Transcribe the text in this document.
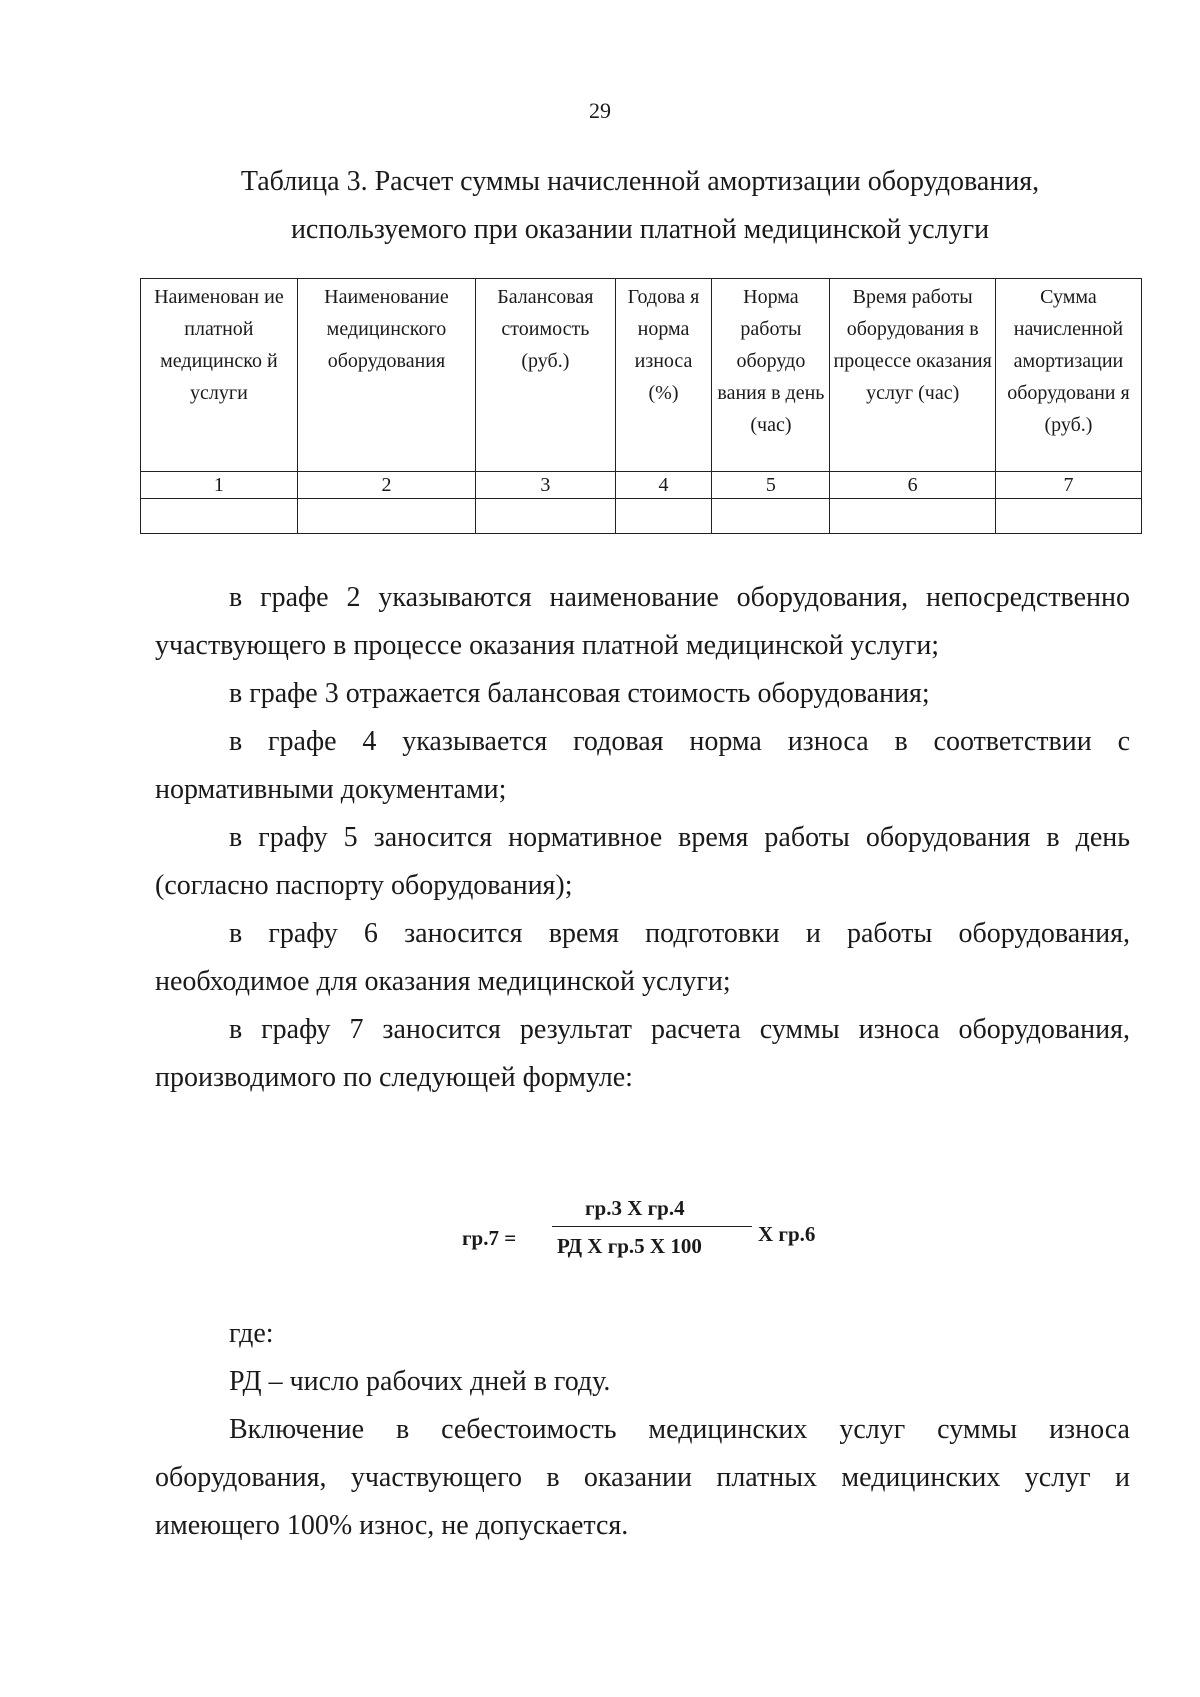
29
Таблица 3. Расчет суммы начисленной амортизации оборудования,
используемого при оказании платной медицинской услуги
Наименован ие платной медицинско й услуги	Наименование медицинского оборудования	Балансовая стоимость (руб.)	Годова я норма износа (%)	Норма работы оборудо вания в день (час)	Время работы оборудования в процессе оказания услуг (час)	Сумма начисленной амортизации оборудовани я (руб.)
1	2	3	4	5	6	7

в графе 2 указываются наименование оборудования, непосредственно участвующего в процессе оказания платной медицинской услуги;

в графе 3 отражается балансовая стоимость оборудования;

в графе 4 указывается годовая норма износа в соответствии с нормативными документами;

в графу 5 заносится нормативное время работы оборудования в день (согласно паспорту оборудования);

в графу 6 заносится время подготовки и работы оборудования, необходимое для оказания медицинской услуги;

в графу 7 заносится результат расчета суммы износа оборудования, производимого по следующей формуле:

гр.7 =
гр.3 Х гр.4
РД Х гр.5 Х 100	Х гр.6

где:

РД – число рабочих дней в году.

Включение в себестоимость медицинских услуг суммы износа оборудования, участвующего в оказании платных медицинских услуг и имеющего 100% износ, не допускается.
